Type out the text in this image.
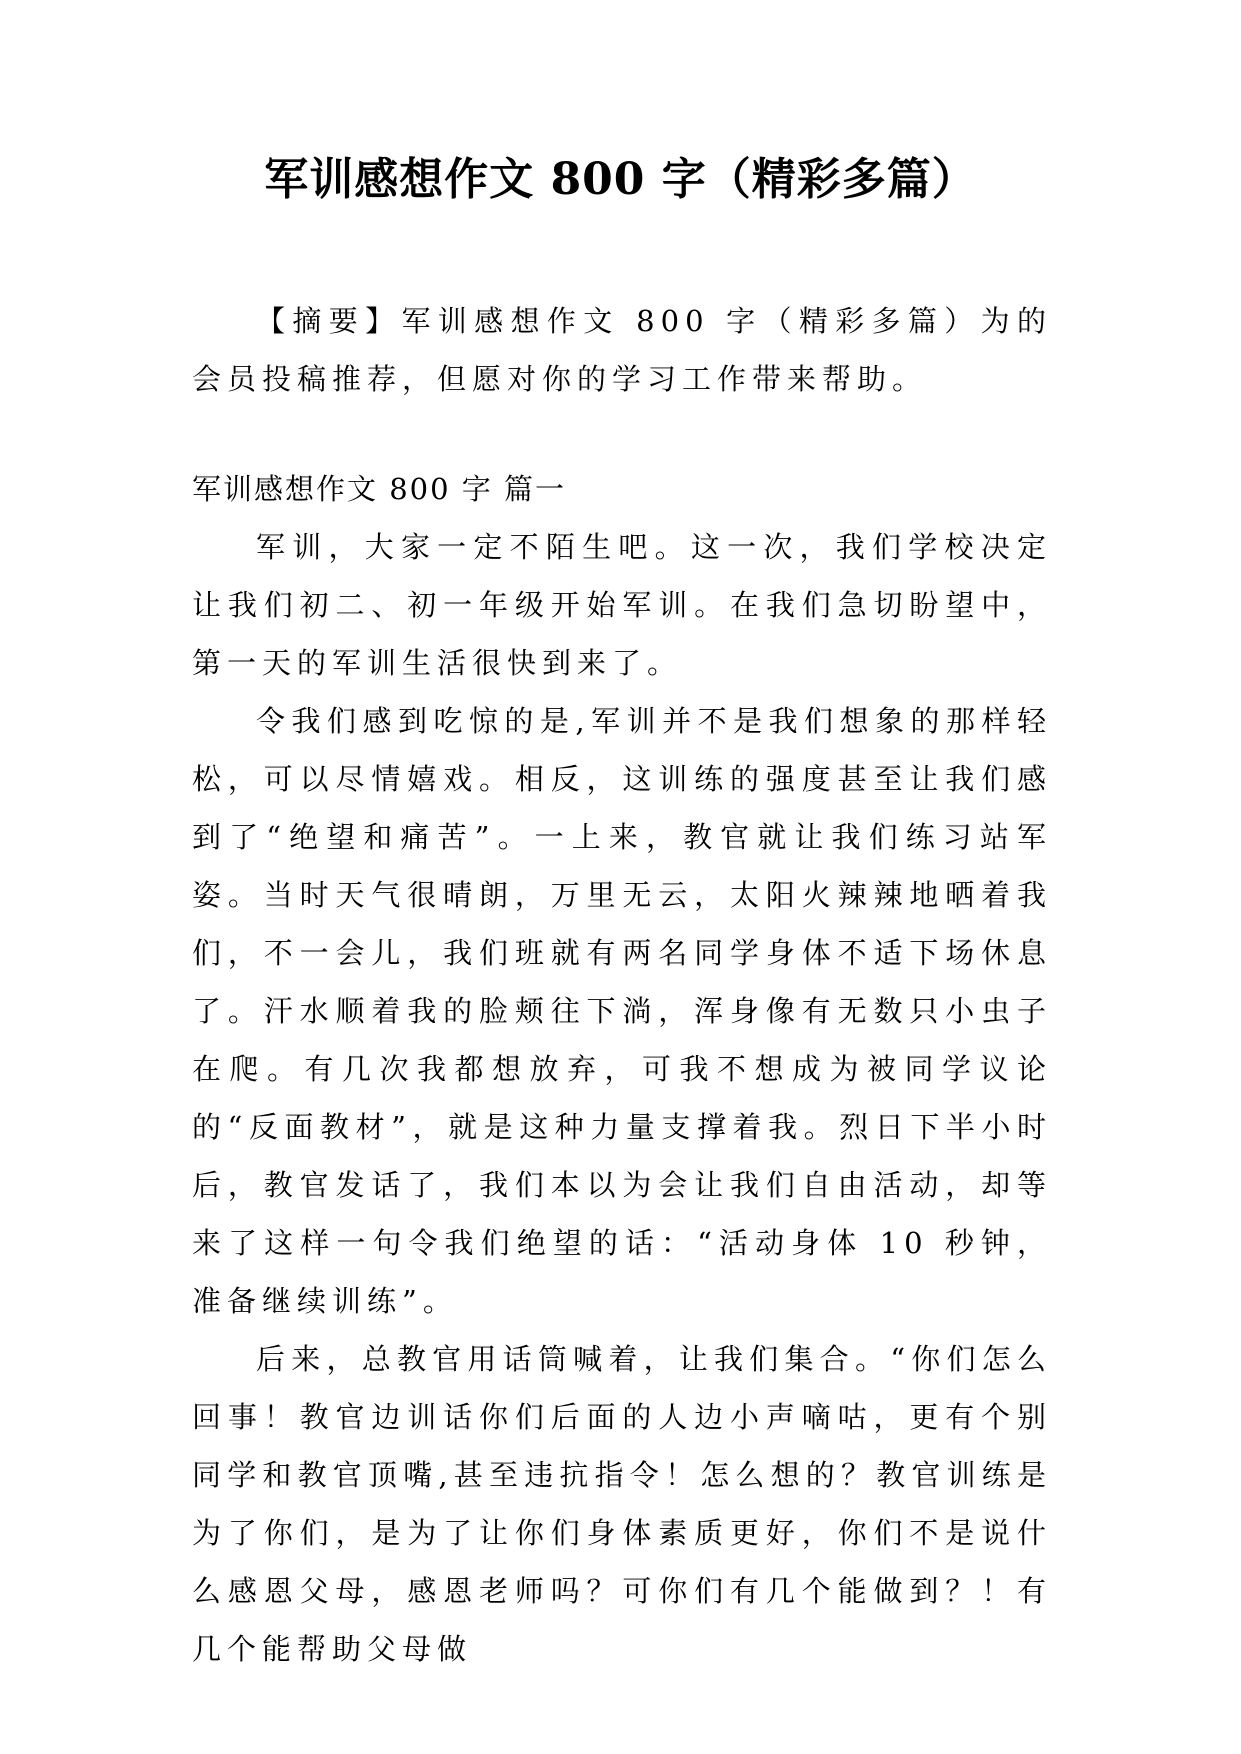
军训感想作文 800 字（精彩多篇）

【摘要】军训感想作文 800 字（精彩多篇）为的会员投稿推荐，但愿对你的学习工作带来帮助。

军训感想作文 800 字 篇一

军训，大家一定不陌生吧。这一次，我们学校决定让我们初二、初一年级开始军训。在我们急切盼望中，第一天的军训生活很快到来了。

令我们感到吃惊的是,军训并不是我们想象的那样轻松，可以尽情嬉戏。相反，这训练的强度甚至让我们感到了“绝望和痛苦”。一上来，教官就让我们练习站军姿。当时天气很晴朗，万里无云，太阳火辣辣地晒着我们，不一会儿，我们班就有两名同学身体不适下场休息了。汗水顺着我的脸颊往下淌，浑身像有无数只小虫子在爬。有几次我都想放弃，可我不想成为被同学议论的“反面教材”，就是这种力量支撑着我。烈日下半小时后，教官发话了，我们本以为会让我们自由活动，却等来了这样一句令我们绝望的话：“活动身体 10 秒钟，准备继续训练”。

后来，总教官用话筒喊着，让我们集合。“你们怎么回事！教官边训话你们后面的人边小声嘀咕，更有个别同学和教官顶嘴,甚至违抗指令！怎么想的？教官训练是为了你们，是为了让你们身体素质更好，你们不是说什么感恩父母，感恩老师吗？可你们有几个能做到？！有几个能帮助父母做
